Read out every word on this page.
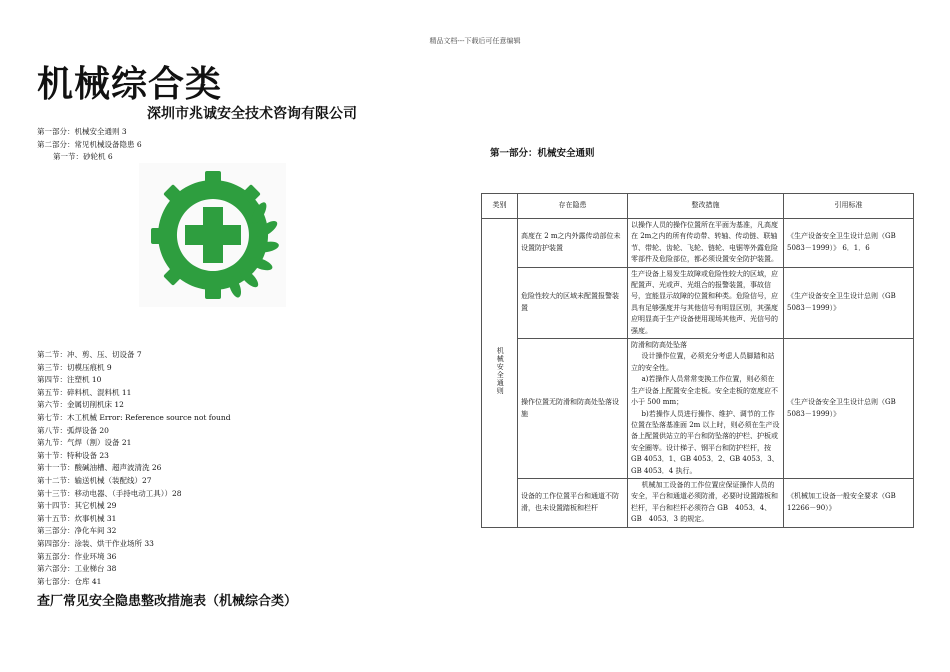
精品文档---下载后可任意编辑
机械综合类
深圳市兆诚安全技术咨询有限公司
第一部分：机械安全通则 3
第二部分：常见机械设备隐患 6
第一节：砂轮机 6
第二节：冲、剪、压、切设备 7
第三节：切模压痕机 9
第四节：注塑机 10
第五节：碎料机、混料机 11
第六节：金属切削机床 12
第七节：木工机械 Error: Reference source not found
第八节：弧焊设备 20
第九节：气焊（割）设备 21
第十节：特种设备 23
第十一节：酸碱油槽、超声波清洗 26
第十二节：输送机械（装配线）27
第十三节：移动电器、（手持电动工具））28
第十四节：其它机械 29
第十五节：炊事机械 31
第三部分：净化车间 32
第四部分：涂装、烘干作业场所 33
第五部分：作业环境 36
第六部分：工业梯台 38
第七部分：仓库 41
查厂常见安全隐患整改措施表（机械综合类）
第一部分：机械安全通则
类别	存在隐患	整改措施	引用标准
机械安全通则	高度在 2 m之内外露传动部位未设置防护装置	以操作人员的操作位置所在平面为基准，凡高度在 2m之内的所有传动带、转轴、传动链、联轴节、带轮、齿轮、飞轮、链轮、电锯等外露危险零部件及危险部位，都必须设置安全防护装置。	《生产设备安全卫生设计总则（GB 5083－1999）》 6．1．6
	危险性较大的区域未配置报警装置	生产设备上易发生故障或危险性较大的区域，应配置声、光或声、光组合的报警装置，事故信号，宜能显示故障的位置和种类。危险信号，应具有足够强度并与其他信号有明显区别，其强度应明显高于生产设备使用现场其他声、光信号的强度。	《生产设备安全卫生设计总则（GB 5083－1999）》
	操作位置无防滑和防高处坠落设施	防滑和防高处坠落
设计操作位置，必须充分考虑人员脚踏和站立的安全性。
a)若操作人员常常变换工作位置，则必须在生产设备上配置安全走板。安全走板的宽度应不小于 500 mm；
b)若操作人员进行操作、维护、调节的工作位置在坠落基准面 2m 以上时，则必须在生产设备上配置供站立的平台和防坠落的护栏、护板或安全圈等。设计梯子、钢平台和防护栏杆，按 GB 4053．1、GB 4053．2、GB 4053．3、GB 4053．4 执行。	《生产设备安全卫生设计总则（GB 5083－1999）》
	设备的工作位置平台和通道不防滑，也未设置踏板和栏杆	机械加工设备的工作位置应保证操作人员的安全，平台和通道必须防滑，必要时设置踏板和栏杆，平台和栏杆必须符合 GB　4053．4、GB　4053．3 的规定。	《机械加工设备一般安全要求（GB 12266－90）》
